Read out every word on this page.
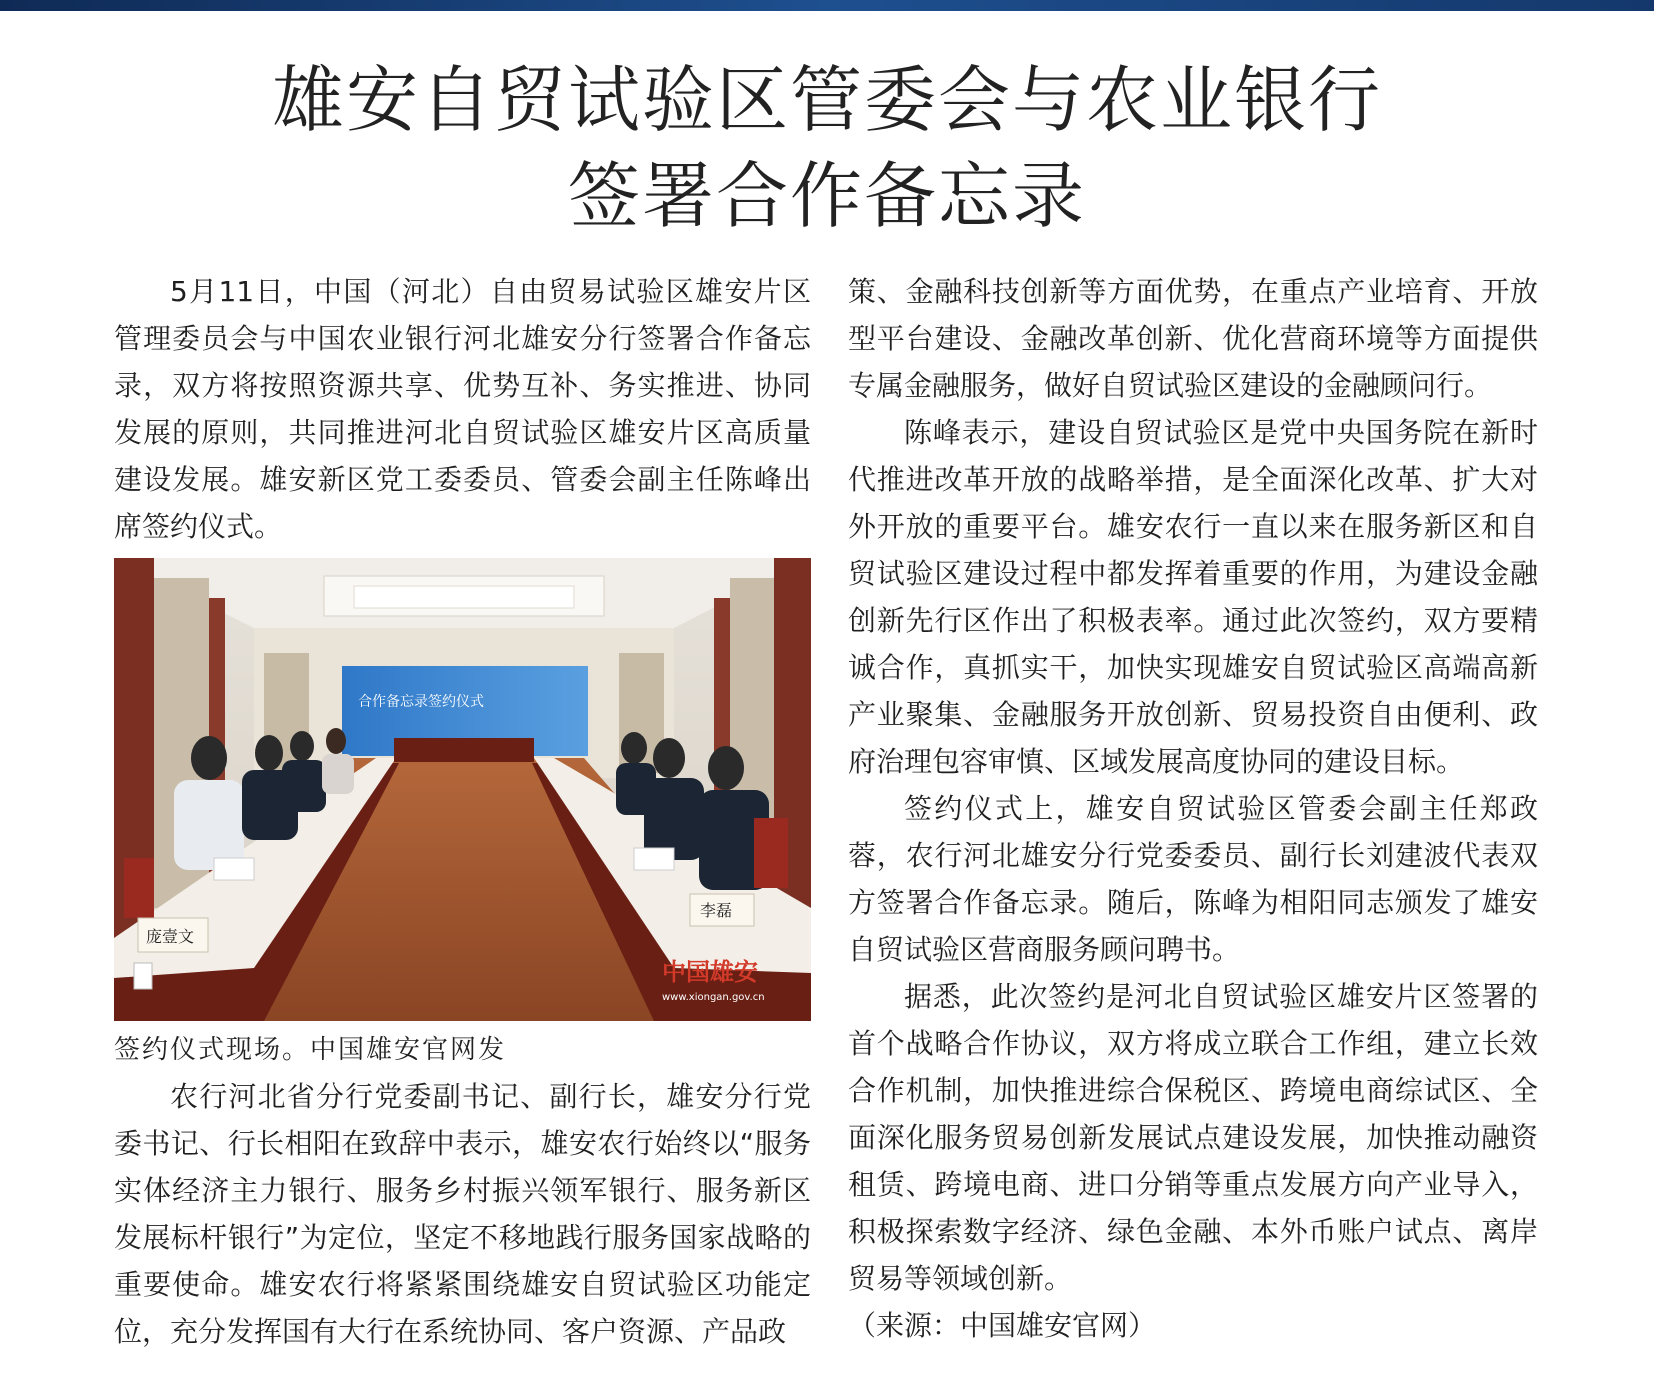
雄安自贸试验区管委会与农业银行
签署合作备忘录

5月11日，中国（河北）自由贸易试验区雄安片区管理委员会与中国农业银行河北雄安分行签署合作备忘录，双方将按照资源共享、优势互补、务实推进、协同发展的原则，共同推进河北自贸试验区雄安片区高质量建设发展。雄安新区党工委委员、管委会副主任陈峰出席签约仪式。

合作备忘录签约仪式
庞壹文
李磊
中国雄安
www.xiongan.gov.cn

签约仪式现场。中国雄安官网发

农行河北省分行党委副书记、副行长，雄安分行党委书记、行长相阳在致辞中表示，雄安农行始终以“服务实体经济主力银行、服务乡村振兴领军银行、服务新区发展标杆银行”为定位，坚定不移地践行服务国家战略的重要使命。雄安农行将紧紧围绕雄安自贸试验区功能定位，充分发挥国有大行在系统协同、客户资源、产品政

策、金融科技创新等方面优势，在重点产业培育、开放型平台建设、金融改革创新、优化营商环境等方面提供专属金融服务，做好自贸试验区建设的金融顾问行。

陈峰表示，建设自贸试验区是党中央国务院在新时代推进改革开放的战略举措，是全面深化改革、扩大对外开放的重要平台。雄安农行一直以来在服务新区和自贸试验区建设过程中都发挥着重要的作用，为建设金融创新先行区作出了积极表率。通过此次签约，双方要精诚合作，真抓实干，加快实现雄安自贸试验区高端高新产业聚集、金融服务开放创新、贸易投资自由便利、政府治理包容审慎、区域发展高度协同的建设目标。

签约仪式上，雄安自贸试验区管委会副主任郑政蓉，农行河北雄安分行党委委员、副行长刘建波代表双方签署合作备忘录。随后，陈峰为相阳同志颁发了雄安自贸试验区营商服务顾问聘书。

据悉，此次签约是河北自贸试验区雄安片区签署的首个战略合作协议，双方将成立联合工作组，建立长效合作机制，加快推进综合保税区、跨境电商综试区、全面深化服务贸易创新发展试点建设发展，加快推动融资租赁、跨境电商、进口分销等重点发展方向产业导入，积极探索数字经济、绿色金融、本外币账户试点、离岸贸易等领域创新。

（来源：中国雄安官网）
